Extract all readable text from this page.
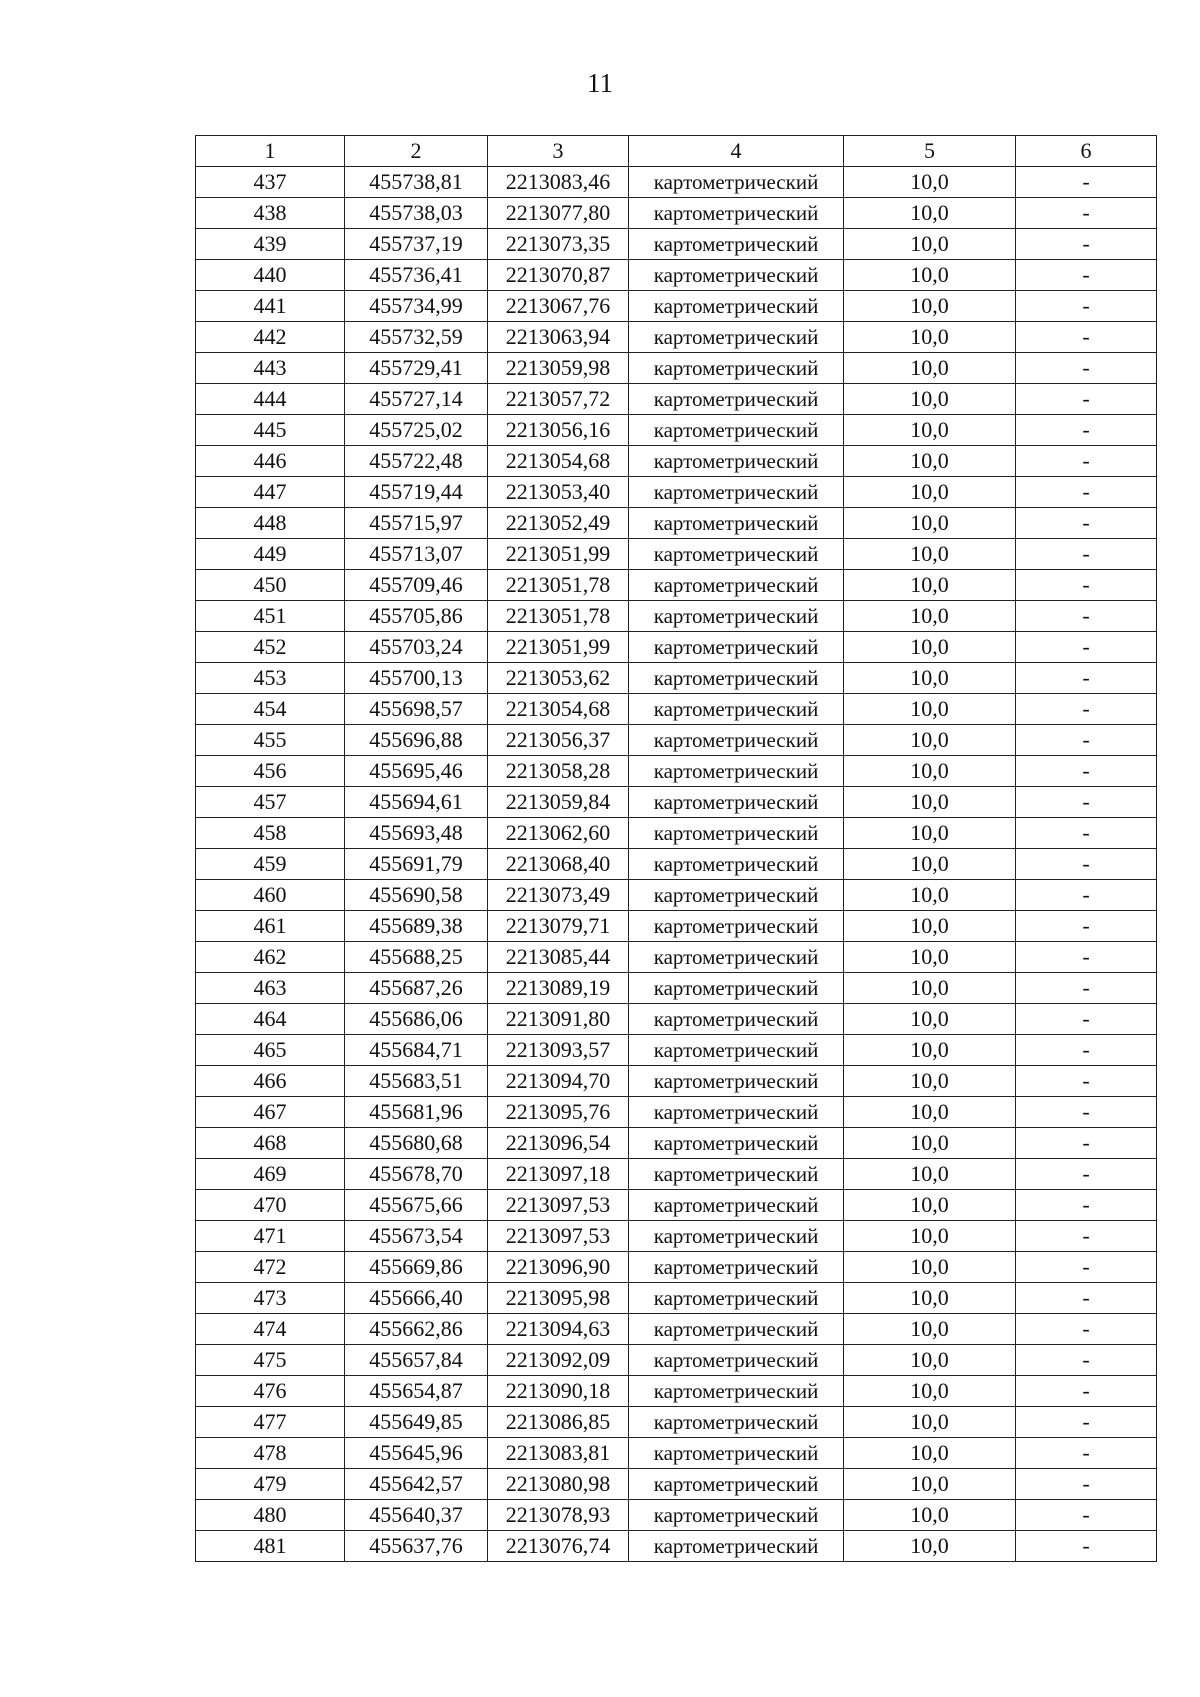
11
1	2	3	4	5	6
437	455738,81	2213083,46	картометрический	10,0	-
438	455738,03	2213077,80	картометрический	10,0	-
439	455737,19	2213073,35	картометрический	10,0	-
440	455736,41	2213070,87	картометрический	10,0	-
441	455734,99	2213067,76	картометрический	10,0	-
442	455732,59	2213063,94	картометрический	10,0	-
443	455729,41	2213059,98	картометрический	10,0	-
444	455727,14	2213057,72	картометрический	10,0	-
445	455725,02	2213056,16	картометрический	10,0	-
446	455722,48	2213054,68	картометрический	10,0	-
447	455719,44	2213053,40	картометрический	10,0	-
448	455715,97	2213052,49	картометрический	10,0	-
449	455713,07	2213051,99	картометрический	10,0	-
450	455709,46	2213051,78	картометрический	10,0	-
451	455705,86	2213051,78	картометрический	10,0	-
452	455703,24	2213051,99	картометрический	10,0	-
453	455700,13	2213053,62	картометрический	10,0	-
454	455698,57	2213054,68	картометрический	10,0	-
455	455696,88	2213056,37	картометрический	10,0	-
456	455695,46	2213058,28	картометрический	10,0	-
457	455694,61	2213059,84	картометрический	10,0	-
458	455693,48	2213062,60	картометрический	10,0	-
459	455691,79	2213068,40	картометрический	10,0	-
460	455690,58	2213073,49	картометрический	10,0	-
461	455689,38	2213079,71	картометрический	10,0	-
462	455688,25	2213085,44	картометрический	10,0	-
463	455687,26	2213089,19	картометрический	10,0	-
464	455686,06	2213091,80	картометрический	10,0	-
465	455684,71	2213093,57	картометрический	10,0	-
466	455683,51	2213094,70	картометрический	10,0	-
467	455681,96	2213095,76	картометрический	10,0	-
468	455680,68	2213096,54	картометрический	10,0	-
469	455678,70	2213097,18	картометрический	10,0	-
470	455675,66	2213097,53	картометрический	10,0	-
471	455673,54	2213097,53	картометрический	10,0	-
472	455669,86	2213096,90	картометрический	10,0	-
473	455666,40	2213095,98	картометрический	10,0	-
474	455662,86	2213094,63	картометрический	10,0	-
475	455657,84	2213092,09	картометрический	10,0	-
476	455654,87	2213090,18	картометрический	10,0	-
477	455649,85	2213086,85	картометрический	10,0	-
478	455645,96	2213083,81	картометрический	10,0	-
479	455642,57	2213080,98	картометрический	10,0	-
480	455640,37	2213078,93	картометрический	10,0	-
481	455637,76	2213076,74	картометрический	10,0	-
